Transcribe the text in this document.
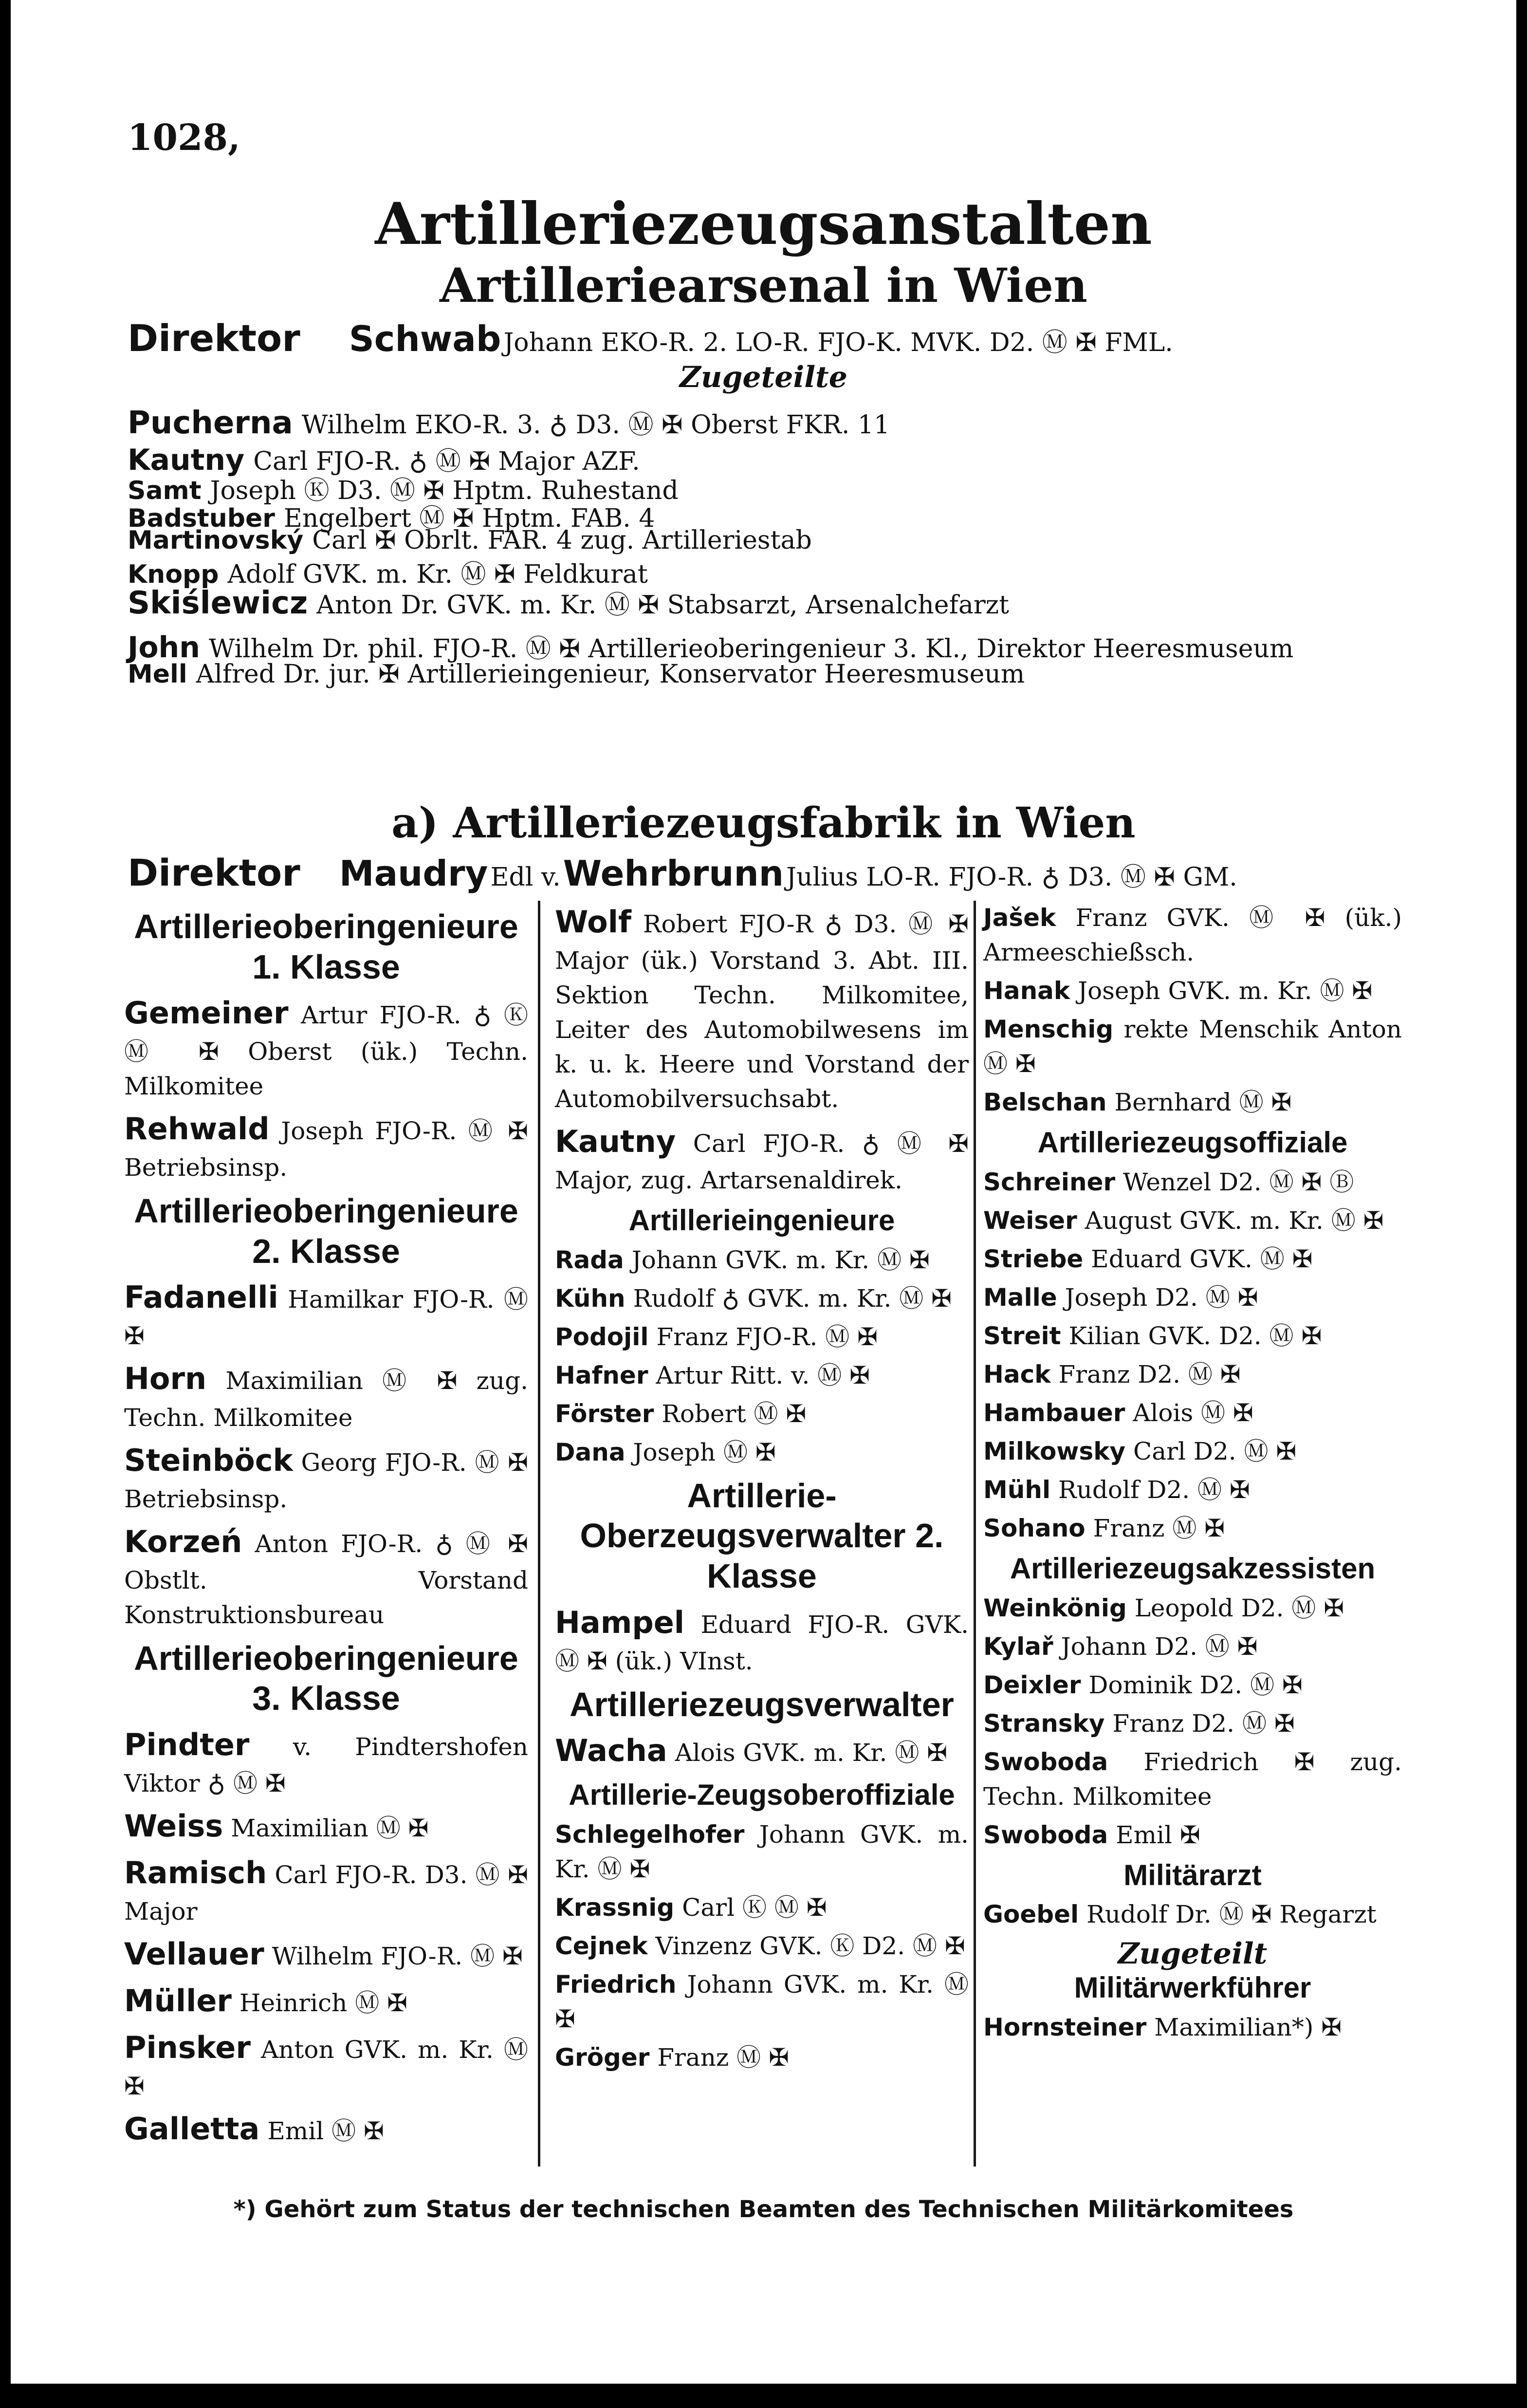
1028,
Artilleriezeugsanstalten
Artilleriearsenal in Wien
Direktor Schwab Johann EKO-R. 2. LO-R. FJO-K. MVK. D2. Ⓜ ✠ FML.
Zugeteilte
Pucherna Wilhelm EKO-R. 3. ♁ D3. Ⓜ ✠ Oberst FKR. 11
Kautny Carl FJO-R. ♁ Ⓜ ✠ Major AZF.
Samt Joseph Ⓚ D3. Ⓜ ✠ Hptm. Ruhestand
Badstuber Engelbert Ⓜ ✠ Hptm. FAB. 4
Martinovský Carl ✠ Obrlt. FAR. 4 zug. Artilleriestab
Knopp Adolf GVK. m. Kr. Ⓜ ✠ Feldkurat
Skiślewicz Anton Dr. GVK. m. Kr. Ⓜ ✠ Stabsarzt, Arsenalchefarzt
John Wilhelm Dr. phil. FJO-R. Ⓜ ✠ Artillerieoberingenieur 3. Kl., Direktor Heeresmuseum
Mell Alfred Dr. jur. ✠ Artillerieingenieur, Konservator Heeresmuseum
a) Artilleriezeugsfabrik in Wien
Direktor Maudry Edl v. Wehrbrunn Julius LO-R. FJO-R. ♁ D3. Ⓜ ✠ GM.
Artillerieoberingenieure 1. Klasse
Gemeiner Artur FJO-R. ♁ Ⓚ Ⓜ ✠ Oberst (ük.) Techn. Milkomitee
Rehwald Joseph FJO-R. Ⓜ ✠ Betriebsinsp.
Artillerieoberingenieure 2. Klasse
Fadanelli Hamilkar FJO-R. Ⓜ ✠
Horn Maximilian Ⓜ ✠ zug. Techn. Milkomitee
Steinböck Georg FJO-R. Ⓜ ✠ Betriebsinsp.
Korzeń Anton FJO-R. ♁ Ⓜ ✠ Obstlt. Vorstand Konstruktionsbureau
Artillerieoberingenieure 3. Klasse
Pindter v. Pindtershofen Viktor ♁ Ⓜ ✠
Weiss Maximilian Ⓜ ✠
Ramisch Carl FJO-R. D3. Ⓜ ✠ Major
Vellauer Wilhelm FJO-R. Ⓜ ✠
Müller Heinrich Ⓜ ✠
Pinsker Anton GVK. m. Kr. Ⓜ ✠
Galletta Emil Ⓜ ✠
Wolf Robert FJO-R ♁ D3. Ⓜ ✠ Major (ük.) Vorstand 3. Abt. III. Sektion Techn. Milkomitee, Leiter des Automobilwesens im k. u. k. Heere und Vorstand der Automobilversuchsabt.
Kautny Carl FJO-R. ♁ Ⓜ ✠ Major, zug. Artarsenaldirek.
Artillerieingenieure
Rada Johann GVK. m. Kr. Ⓜ ✠
Kühn Rudolf ♁ GVK. m. Kr. Ⓜ ✠
Podojil Franz FJO-R. Ⓜ ✠
Hafner Artur Ritt. v. Ⓜ ✠
Förster Robert Ⓜ ✠
Dana Joseph Ⓜ ✠
Artillerie-Oberzeugsverwalter 2. Klasse
Hampel Eduard FJO-R. GVK. Ⓜ ✠ (ük.) VInst.
Artilleriezeugsverwalter
Wacha Alois GVK. m. Kr. Ⓜ ✠
Artillerie-Zeugsoberoffiziale
Schlegelhofer Johann GVK. m. Kr. Ⓜ ✠
Krassnig Carl Ⓚ Ⓜ ✠
Cejnek Vinzenz GVK. Ⓚ D2. Ⓜ ✠
Friedrich Johann GVK. m. Kr. Ⓜ ✠
Gröger Franz Ⓜ ✠
Jašek Franz GVK. Ⓜ ✠ (ük.) Armeeschießsch.
Hanak Joseph GVK. m. Kr. Ⓜ ✠
Menschig rekte Menschik Anton Ⓜ ✠
Belschan Bernhard Ⓜ ✠
Artilleriezeugsoffiziale
Schreiner Wenzel D2. Ⓜ ✠ Ⓑ
Weiser August GVK. m. Kr. Ⓜ ✠
Striebe Eduard GVK. Ⓜ ✠
Malle Joseph D2. Ⓜ ✠
Streit Kilian GVK. D2. Ⓜ ✠
Hack Franz D2. Ⓜ ✠
Hambauer Alois Ⓜ ✠
Milkowsky Carl D2. Ⓜ ✠
Mühl Rudolf D2. Ⓜ ✠
Sohano Franz Ⓜ ✠
Artilleriezeugsakzessisten
Weinkönig Leopold D2. Ⓜ ✠
Kylař Johann D2. Ⓜ ✠
Deixler Dominik D2. Ⓜ ✠
Stransky Franz D2. Ⓜ ✠
Swoboda Friedrich ✠ zug. Techn. Milkomitee
Swoboda Emil ✠
Militärarzt
Goebel Rudolf Dr. Ⓜ ✠ Regarzt
Zugeteilt
Militärwerkführer
Hornsteiner Maximilian*) ✠
*) Gehört zum Status der technischen Beamten des Technischen Militärkomitees
